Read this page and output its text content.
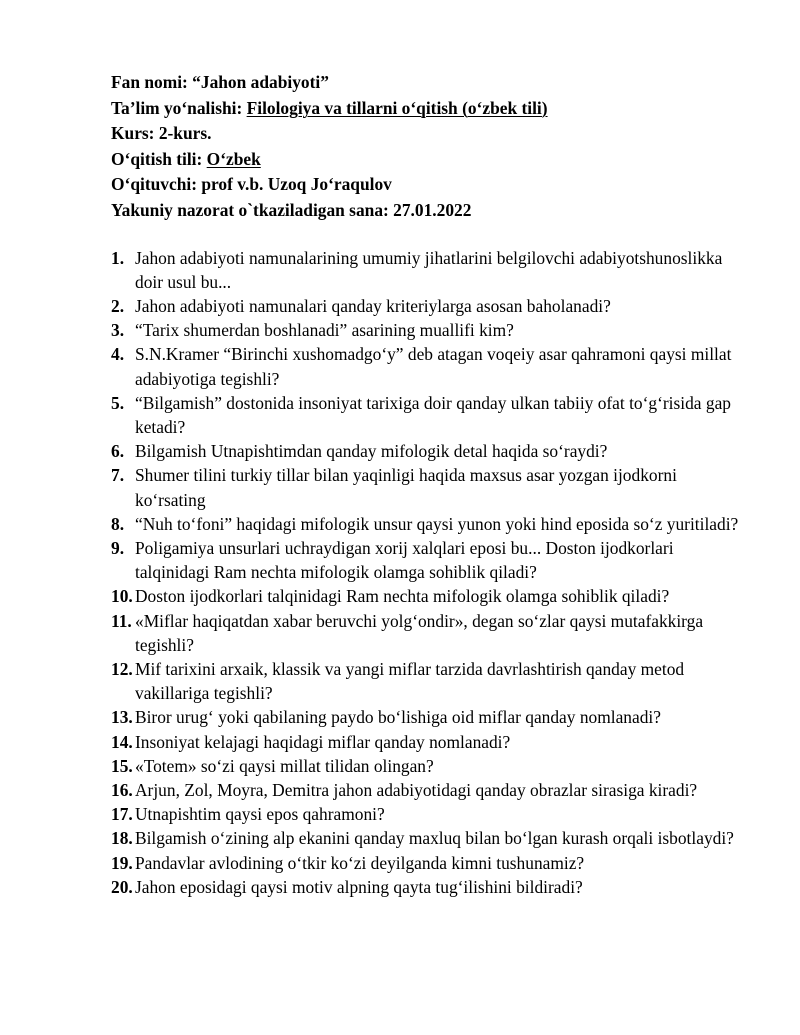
Fan nomi: “Jahon adabiyoti”
Ta’lim yoʻnalishi: Filologiya va tillarni oʻqitish (oʻzbek tili)
Kurs: 2-kurs.
Oʻqitish tili: Oʻzbek
Oʻqituvchi: prof v.b. Uzoq Joʻraqulov
Yakuniy nazorat o`tkaziladigan sana: 27.01.2022
1. Jahon adabiyoti namunalarining umumiy jihatlarini belgilovchi adabiyotshunoslikka doir usul bu...
2. Jahon adabiyoti namunalari qanday kriteriylarga asosan baholanadi?
3. “Tarix shumerdan boshlanadi” asarining muallifi kim?
4. S.N.Kramer “Birinchi xushomadgoʻy” deb atagan voqeiy asar qahramoni qaysi millat adabiyotiga tegishli?
5. “Bilgamish” dostonida insoniyat tarixiga doir qanday ulkan tabiiy ofat toʻgʻrisida gap ketadi?
6. Bilgamish Utnapishtimdan qanday mifologik detal haqida soʻraydi?
7. Shumer tilini turkiy tillar bilan yaqinligi haqida maxsus asar yozgan ijodkorni koʻrsating
8. “Nuh toʻfoni” haqidagi mifologik unsur qaysi yunon yoki hind eposida soʻz yuritiladi?
9. Poligamiya unsurlari uchraydigan xorij xalqlari eposi bu... Doston ijodkorlari talqinidagi Ram nechta mifologik olamga sohiblik qiladi?
10. Doston ijodkorlari talqinidagi Ram nechta mifologik olamga sohiblik qiladi?
11. «Miflar haqiqatdan xabar beruvchi yolgʻondir», degan soʻzlar qaysi mutafakkirga tegishli?
12. Mif tarixini arxaik, klassik va yangi miflar tarzida davrlashtirish qanday metod vakillariga tegishli?
13. Biror urugʻ yoki qabilaning paydo boʻlishiga oid miflar qanday nomlanadi?
14. Insoniyat kelajagi haqidagi miflar qanday nomlanadi?
15. «Totem» soʻzi qaysi millat tilidan olingan?
16. Arjun, Zol, Moyra, Demitra jahon adabiyotidagi qanday obrazlar sirasiga kiradi?
17. Utnapishtim qaysi epos qahramoni?
18. Bilgamish oʻzining alp ekanini qanday maxluq bilan boʻlgan kurash orqali isbotlaydi?
19. Pandavlar avlodining oʻtkir koʻzi deyilganda kimni tushunamiz?
20. Jahon eposidagi qaysi motiv alpning qayta tugʻilishini bildiradi?
